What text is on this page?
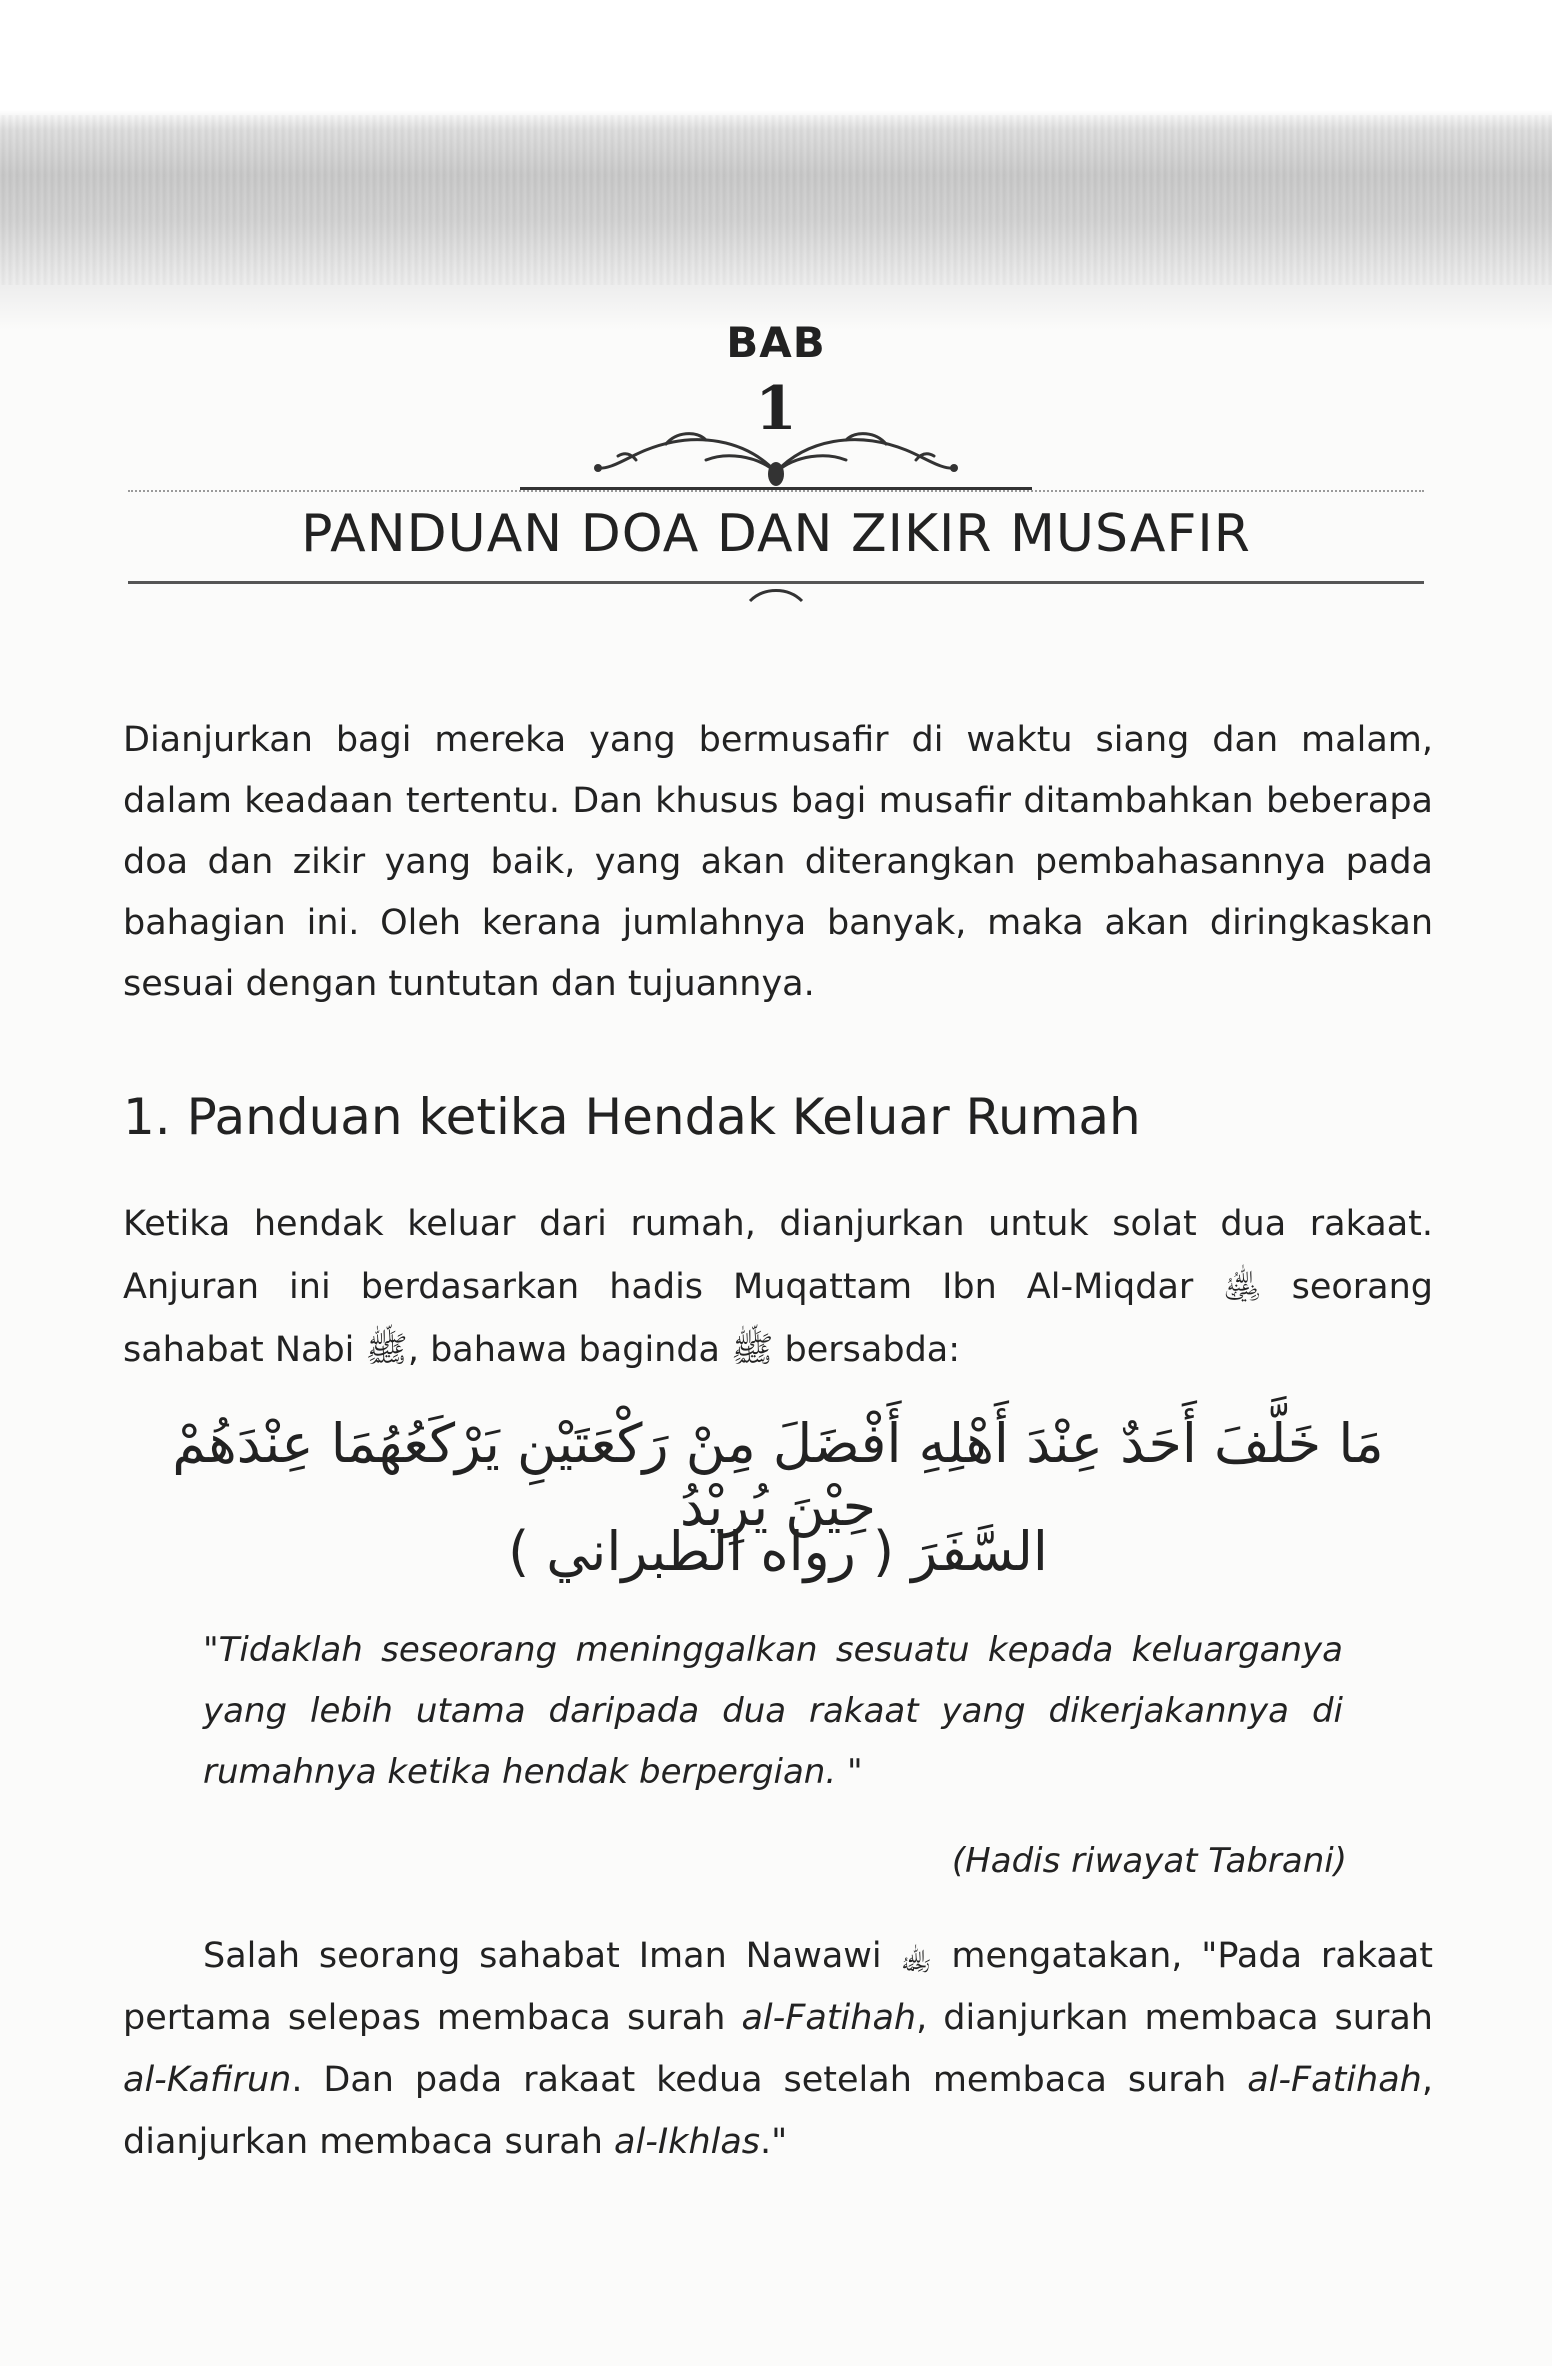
BAB
1
PANDUAN DOA DAN ZIKIR MUSAFIR
Dianjurkan bagi mereka yang bermusafir di waktu siang dan malam, dalam keadaan tertentu. Dan khusus bagi musafir ditambahkan beberapa doa dan zikir yang baik, yang akan diterangkan pembahasannya pada bahagian ini. Oleh kerana jumlahnya banyak, maka akan diringkaskan sesuai dengan tuntutan dan tujuannya.
1. Panduan ketika Hendak Keluar Rumah
Ketika hendak keluar dari rumah, dianjurkan untuk solat dua rakaat. Anjuran ini berdasarkan hadis Muqattam Ibn Al-Miqdar ﵁ seorang sahabat Nabi ﷺ, bahawa baginda ﷺ bersabda:
مَا خَلَّفَ أَحَدٌ عِنْدَ أَهْلِهِ أَفْضَلَ مِنْ رَكْعَتَيْنِ يَرْكَعُهُمَا عِنْدَهُمْ حِيْنَ يُرِيْدُ
السَّفَرَ ( رواه الطبراني )
"Tidaklah seseorang meninggalkan sesuatu kepada keluarganya yang lebih utama daripada dua rakaat yang dikerjakannya di rumahnya ketika hendak berpergian. "
(Hadis riwayat Tabrani)
Salah seorang sahabat Iman Nawawi ﵀ mengatakan, "Pada rakaat pertama selepas membaca surah al-Fatihah, dianjurkan membaca surah al-Kafirun. Dan pada rakaat kedua setelah membaca surah al-Fatihah, dianjurkan membaca surah al-Ikhlas."
